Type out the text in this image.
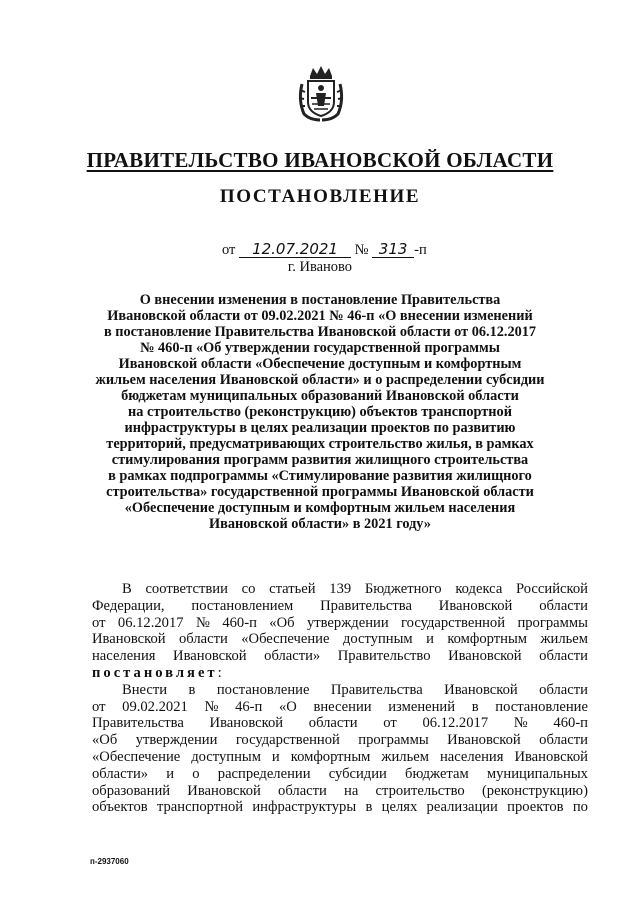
ПРАВИТЕЛЬСТВО ИВАНОВСКОЙ ОБЛАСТИ
ПОСТАНОВЛЕНИЕ
от 12.07.2021 № 313 -п
г. Иваново
О внесении изменения в постановление Правительства
Ивановской области от 09.02.2021 № 46-п «О внесении изменений
в постановление Правительства Ивановской области от 06.12.2017
№ 460-п «Об утверждении государственной программы
Ивановской области «Обеспечение доступным и комфортным
жильем населения Ивановской области» и о распределении субсидии
бюджетам муниципальных образований Ивановской области
на строительство (реконструкцию) объектов транспортной
инфраструктуры в целях реализации проектов по развитию
территорий, предусматривающих строительство жилья, в рамках
стимулирования программ развития жилищного строительства
в рамках подпрограммы «Стимулирование развития жилищного
строительства» государственной программы Ивановской области
«Обеспечение доступным и комфортным жильем населения
Ивановской области» в 2021 году»
В соответствии со статьей 139 Бюджетного кодекса Российской
Федерации, постановлением Правительства Ивановской области
от 06.12.2017 № 460-п «Об утверждении государственной программы
Ивановской области «Обеспечение доступным и комфортным жильем
населения Ивановской области» Правительство Ивановской области
постановляет :
Внести в постановление Правительства Ивановской области
от 09.02.2021 № 46-п «О внесении изменений в постановление
Правительства Ивановской области от 06.12.2017 № 460-п
«Об утверждении государственной программы Ивановской области
«Обеспечение доступным и комфортным жильем населения Ивановской
области» и о распределении субсидии бюджетам муниципальных
образований Ивановской области на строительство (реконструкцию)
объектов транспортной инфраструктуры в целях реализации проектов по
п-2937060
